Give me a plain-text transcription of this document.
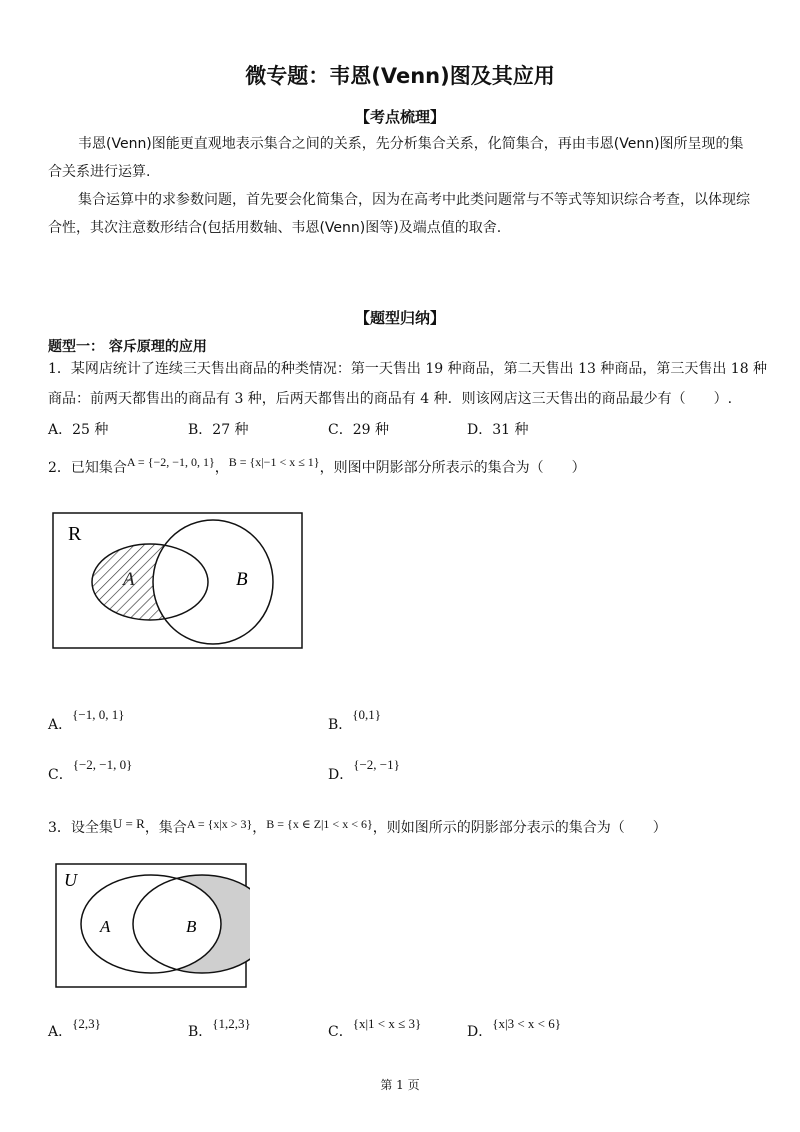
微专题：韦恩(Venn)图及其应用
【考点梳理】
韦恩(Venn)图能更直观地表示集合之间的关系，先分析集合关系，化简集合，再由韦恩(Venn)图所呈现的集合关系进行运算.
集合运算中的求参数问题，首先要会化简集合，因为在高考中此类问题常与不等式等知识综合考查，以体现综合性，其次注意数形结合(包括用数轴、韦恩(Venn)图等)及端点值的取舍.
【题型归纳】
题型一： 容斥原理的应用
1．某网店统计了连续三天售出商品的种类情况：第一天售出 19 种商品，第二天售出 13 种商品，第三天售出 18 种
商品：前两天都售出的商品有 3 种，后两天都售出的商品有 4 种．则该网店这三天售出的商品最少有（　　）.
A．25 种	B．27 种	C．29 种	D．31 种
2．已知集合A = {−2, −1, 0, 1}，B = {x|−1 < x ≤ 1}，则图中阴影部分所表示的集合为（　　）
R
A	B
A．{−1, 0, 1}
B．{0,1}
C．{−2, −1, 0}
D．{−2, −1}
3．设全集U = R，集合A = {x|x > 3}，B = {x ∈ Z|1 < x < 6}，则如图所示的阴影部分表示的集合为（　　）
U
A	B
A．{2,3}
B．{1,2,3}
C．{x|1 < x ≤ 3}
D．{x|3 < x < 6}
第 1 页
